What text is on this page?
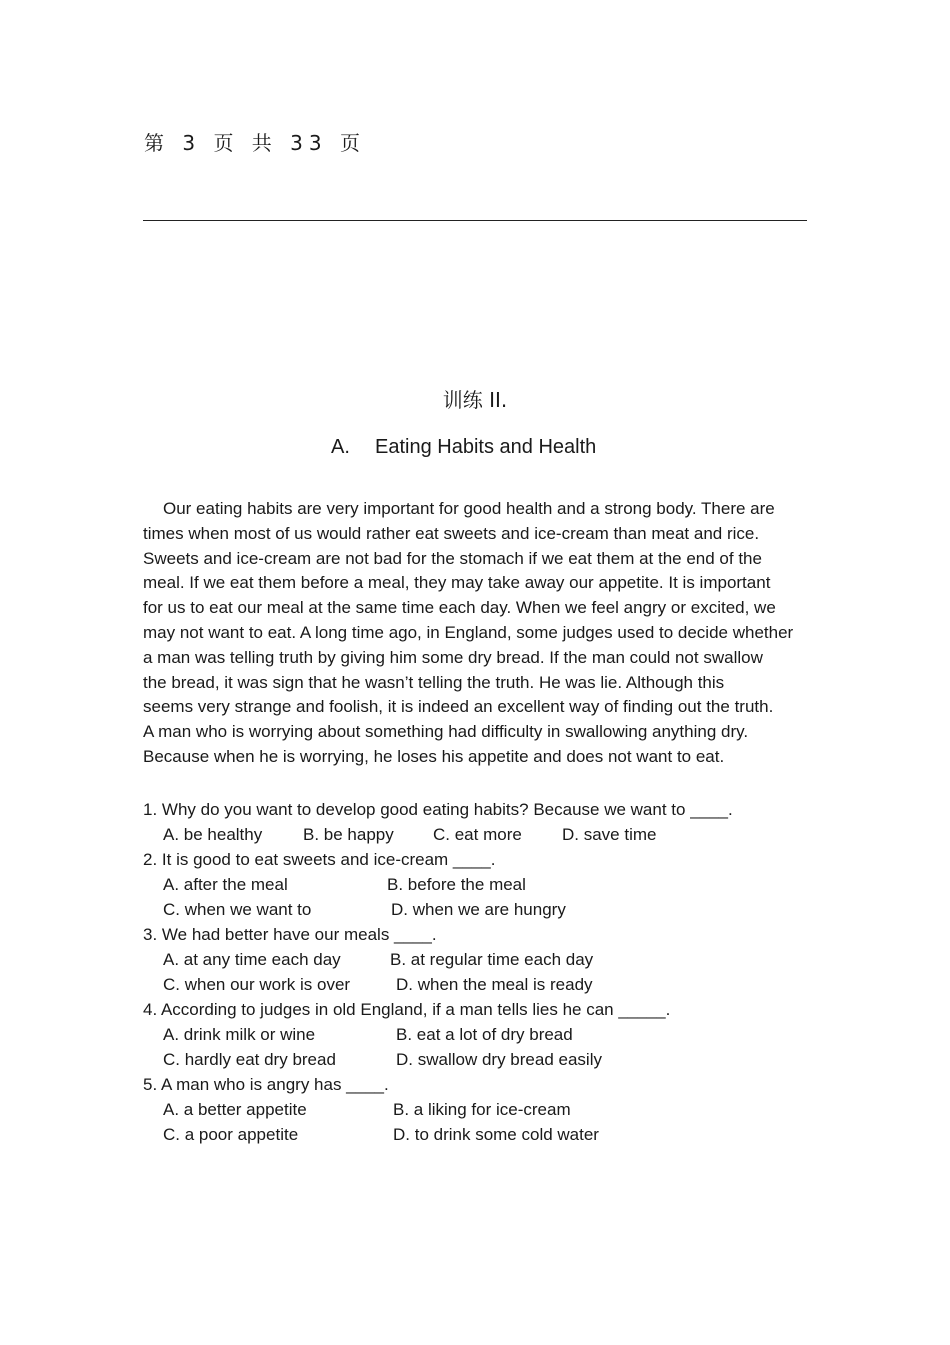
第 3 页 共 33 页
训练 II.
A. Eating Habits and Health
Our eating habits are very important for good health and a strong body. There are
times when most of us would rather eat sweets and ice-cream than meat and rice.
Sweets and ice-cream are not bad for the stomach if we eat them at the end of the
meal. If we eat them before a meal, they may take away our appetite. It is important
for us to eat our meal at the same time each day. When we feel angry or excited, we
may not want to eat. A long time ago, in England, some judges used to decide whether
a man was telling truth by giving him some dry bread. If the man could not swallow
the bread, it was sign that he wasn’t telling the truth. He was lie. Although this
seems very strange and foolish, it is indeed an excellent way of finding out the truth.
A man who is worrying about something had difficulty in swallowing anything dry.
Because when he is worrying, he loses his appetite and does not want to eat.
1. Why do you want to develop good eating habits? Because we want to ____.
A. be healthy B. be happy C. eat more D. save time
2. It is good to eat sweets and ice-cream ____.
A. after the meal	B. before the meal
C. when we want to	D. when we are hungry
3. We had better have our meals ____.
A. at any time each day	B. at regular time each day
C. when our work is over	D. when the meal is ready
4. According to judges in old England, if a man tells lies he can _____.
A. drink milk or wine	B. eat a lot of dry bread
C. hardly eat dry bread	D. swallow dry bread easily
5. A man who is angry has ____.
A. a better appetite	B. a liking for ice-cream
C. a poor appetite	D. to drink some cold water
